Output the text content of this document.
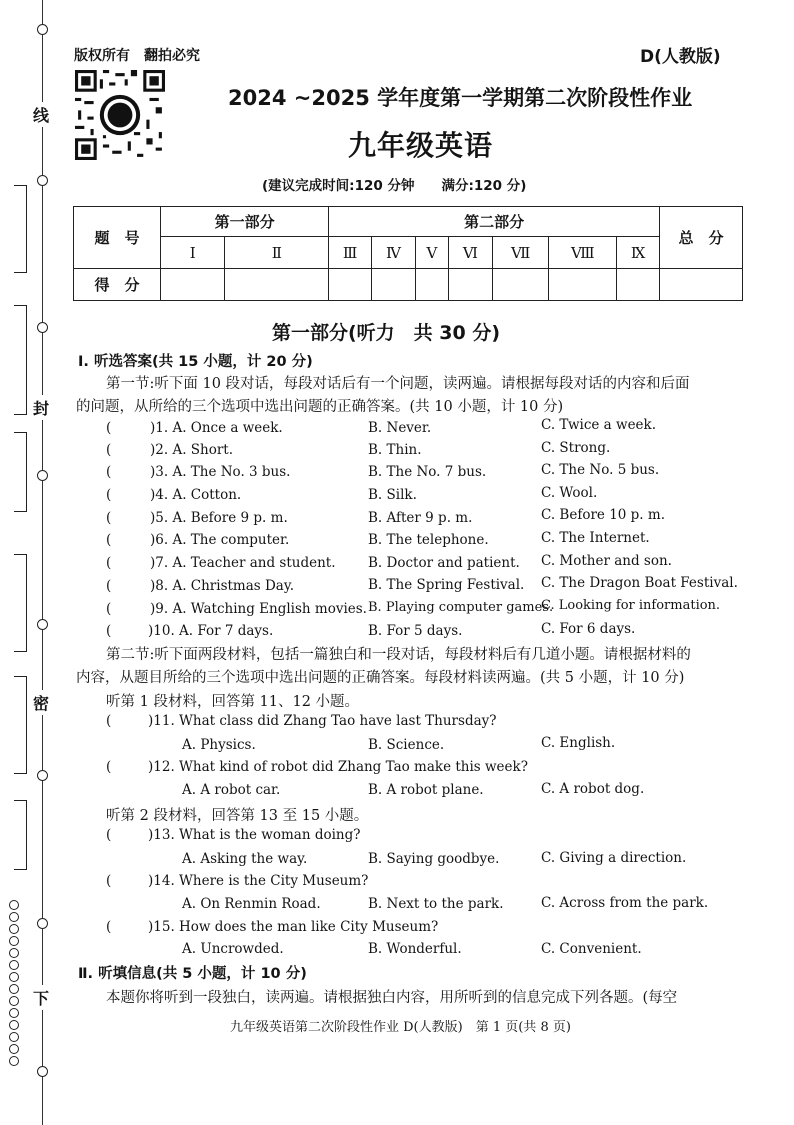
线
封
密
下
版权所有　翻拍必究	D(人教版)
2024 ~2025 学年度第一学期第二次阶段性作业
九年级英语
(建议完成时间:120 分钟　　满分:120 分)
题　号	第一部分		第二部分							总　分
	Ⅰ	Ⅱ	Ⅲ	Ⅳ	Ⅴ	Ⅵ	Ⅶ	Ⅷ	Ⅸ	
得　分										
第一部分(听力　共 30 分)
Ⅰ. 听选答案(共 15 小题，计 20 分)
第一节:听下面 10 段对话，每段对话后有一个问题，读两遍。请根据每段对话的内容和后面
的问题，从所给的三个选项中选出问题的正确答案。(共 10 小题，计 10 分)
(	)1. A. Once a week.	B. Never.	C. Twice a week.
(	)2. A. Short.	B. Thin.	C. Strong.
(	)3. A. The No. 3 bus.	B. The No. 7 bus.	C. The No. 5 bus.
(	)4. A. Cotton.	B. Silk.	C. Wool.
(	)5. A. Before 9 p. m.	B. After 9 p. m.	C. Before 10 p. m.
(	)6. A. The computer.	B. The telephone.	C. The Internet.
(	)7. A. Teacher and student. B. Doctor and patient. C. Mother and son.
(	)8. A. Christmas Day.	B. The Spring Festival. C. The Dragon Boat Festival.
(	)9. A. Watching English movies. B. Playing computer games.
C. Looking for information.
(	)10. A. For 7 days.	B. For 5 days.	C. For 6 days.
第二节:听下面两段材料，包括一篇独白和一段对话，每段材料后有几道小题。请根据材料的
内容，从题目所给的三个选项中选出问题的正确答案。每段材料读两遍。(共 5 小题，计 10 分)
听第 1 段材料，回答第 11、12 小题。
(	)11. What class did Zhang Tao have last Thursday?
A. Physics.	B. Science.	C. English.
(	)12. What kind of robot did Zhang Tao make this week?
A. A robot car.	B. A robot plane.	C. A robot dog.
听第 2 段材料，回答第 13 至 15 小题。
(	)13. What is the woman doing?
A. Asking the way.	B. Saying goodbye.	C. Giving a direction.
(	)14. Where is the City Museum?
A. On Renmin Road.	B. Next to the park.	C. Across from the park.
(	)15. How does the man like City Museum?
A. Uncrowded.	B. Wonderful.	C. Convenient.
Ⅱ. 听填信息(共 5 小题，计 10 分)
本题你将听到一段独白，读两遍。请根据独白内容，用所听到的信息完成下列各题。(每空
九年级英语第二次阶段性作业 D(人教版)　第 1 页(共 8 页)
